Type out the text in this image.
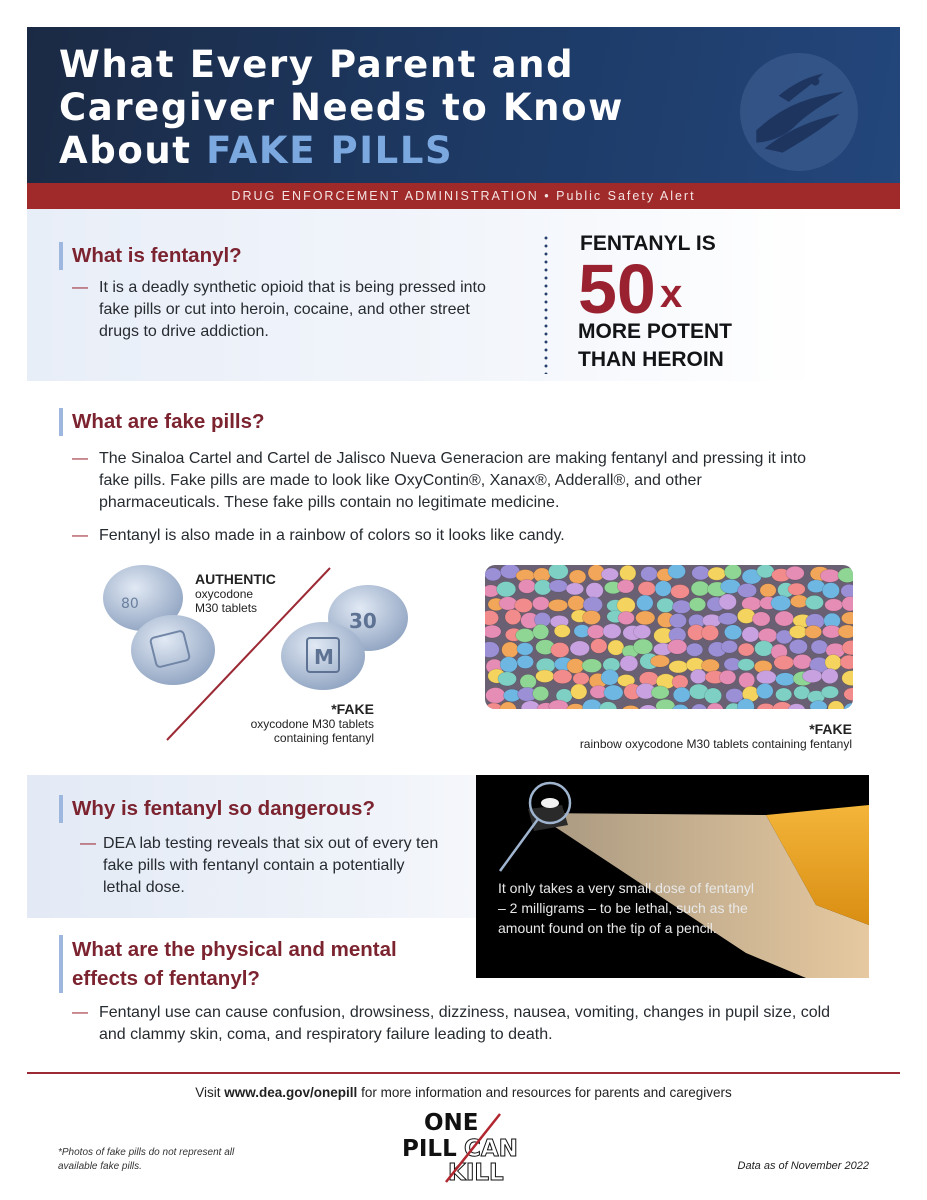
What Every Parent and
Caregiver Needs to Know
About FAKE PILLS
DRUG ENFORCEMENT ADMINISTRATION • Public Safety Alert
What is fentanyl?
— It is a deadly synthetic opioid that is being pressed into fake pills or cut into heroin, cocaine, and other street drugs to drive addiction.
FENTANYL IS
50 x
MORE POTENT
THAN HEROIN
What are fake pills?
— The Sinaloa Cartel and Cartel de Jalisco Nueva Generacion are making fentanyl and pressing it into fake pills. Fake pills are made to look like OxyContin®, Xanax®, Adderall®, and other pharmaceuticals. These fake pills contain no legitimate medicine.
— Fentanyl is also made in a rainbow of colors so it looks like candy.
80
30
M
AUTHENTIC
oxycodone
M30 tablets
*FAKE
oxycodone M30 tablets
containing fentanyl
*FAKE
rainbow oxycodone M30 tablets containing fentanyl
Why is fentanyl so dangerous?
— DEA lab testing reveals that six out of every ten fake pills with fentanyl contain a potentially lethal dose.	It only takes a very small dose of fentanyl – 2 milligrams – to be lethal, such as the amount found on the tip of a pencil.
What are the physical and mental
effects of fentanyl?
— Fentanyl use can cause confusion, drowsiness, dizziness, nausea, vomiting, changes in pupil size, cold and clammy skin, coma, and respiratory failure leading to death.
Visit www.dea.gov/onepill for more information and resources for parents and caregivers
ONE
PILL CAN
KILL
*Photos of fake pills do not represent all available fake pills.	Data as of November 2022
